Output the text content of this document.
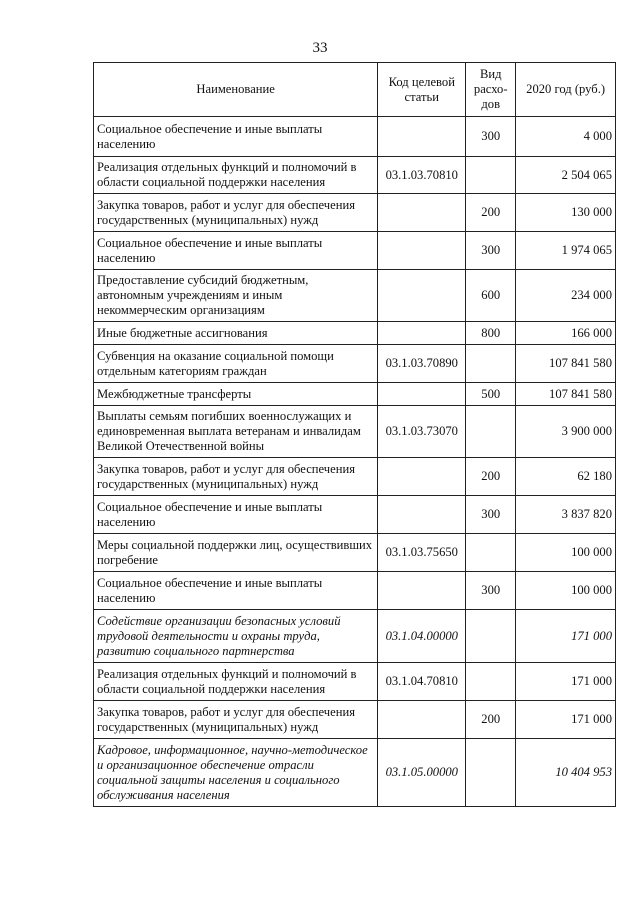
33
Наименование	Код целевой статьи	Вид расхо-дов	2020 год (руб.)
Социальное обеспечение и иные выплаты населению		300	4 000
Реализация отдельных функций и полномочий в области социальной поддержки населения	03.1.03.70810		2 504 065
Закупка товаров, работ и услуг для обеспечения государственных (муниципальных) нужд		200	130 000
Социальное обеспечение и иные выплаты населению		300	1 974 065
Предоставление субсидий бюджетным, автономным учреждениям и иным некоммерческим организациям		600	234 000
Иные бюджетные ассигнования		800	166 000
Субвенция на оказание социальной помощи отдельным категориям граждан	03.1.03.70890		107 841 580
Межбюджетные трансферты		500	107 841 580
Выплаты семьям погибших военнослужащих и единовременная выплата ветеранам и инвалидам Великой Отечественной войны	03.1.03.73070		3 900 000
Закупка товаров, работ и услуг для обеспечения государственных (муниципальных) нужд		200	62 180
Социальное обеспечение и иные выплаты населению		300	3 837 820
Меры социальной поддержки лиц, осуществивших погребение	03.1.03.75650		100 000
Социальное обеспечение и иные выплаты населению		300	100 000
Содействие организации безопасных условий трудовой деятельности и охраны труда, развитию социального партнерства	03.1.04.00000		171 000
Реализация отдельных функций и полномочий в области социальной поддержки населения	03.1.04.70810		171 000
Закупка товаров, работ и услуг для обеспечения государственных (муниципальных) нужд		200	171 000
Кадровое, информационное, научно-методическое и организационное обеспечение отрасли социальной защиты населения и социального обслуживания населения	03.1.05.00000		10 404 953
